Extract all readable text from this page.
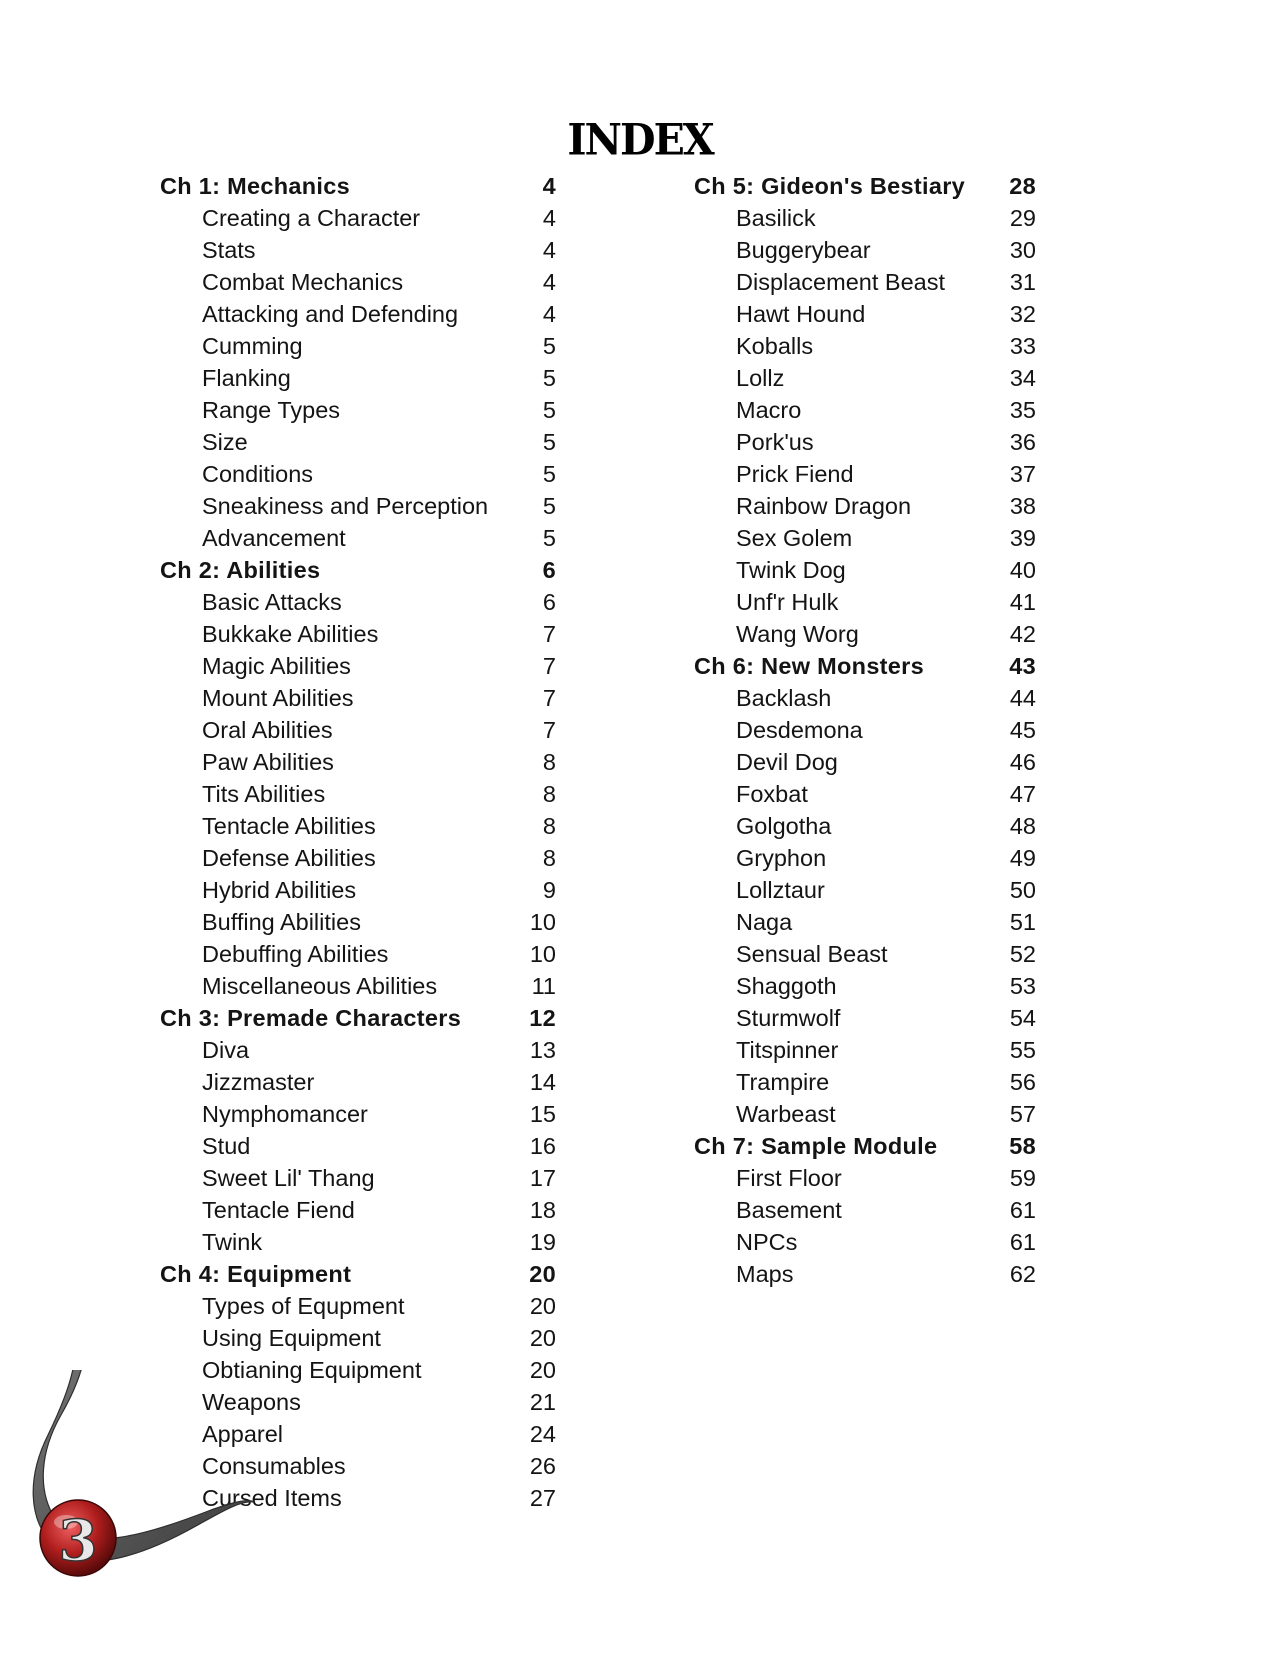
INDEX
Ch 1: Mechanics	4
Creating a Character	4
Stats	4
Combat Mechanics	4
Attacking and Defending	4
Cumming	5
Flanking	5
Range Types	5
Size	5
Conditions	5
Sneakiness and Perception 5
Advancement	5
Ch 2: Abilities	6
Basic Attacks	6
Bukkake Abilities	7
Magic Abilities	7
Mount Abilities	7
Oral Abilities	7
Paw Abilities	8
Tits Abilities	8
Tentacle Abilities	8
Defense Abilities	8
Hybrid Abilities	9
Buffing Abilities	10
Debuffing Abilities	10
Miscellaneous Abilities	11
Ch 3: Premade Characters	12
Diva	13
Jizzmaster	14
Nymphomancer	15
Stud	16
Sweet Lil' Thang	17
Tentacle Fiend	18
Twink	19
Ch 4: Equipment	20
Types of Equpment	20
Using Equipment	20
Obtianing Equipment	20
Weapons	21
Apparel	24
Consumables	26
Cursed Items	27
Ch 5: Gideon's Bestiary 28
Basilick	29
Buggerybear	30
Displacement Beast	31
Hawt Hound	32
Koballs	33
Lollz	34
Macro	35
Pork'us	36
Prick Fiend	37
Rainbow Dragon	38
Sex Golem	39
Twink Dog	40
Unf'r Hulk	41
Wang Worg	42
Ch 6: New Monsters	43
Backlash	44
Desdemona	45
Devil Dog	46
Foxbat	47
Golgotha	48
Gryphon	49
Lollztaur	50
Naga	51
Sensual Beast	52
Shaggoth	53
Sturmwolf	54
Titspinner	55
Trampire	56
Warbeast	57
Ch 7: Sample Module	58
First Floor	59
Basement	61
NPCs	61
Maps	62
3
